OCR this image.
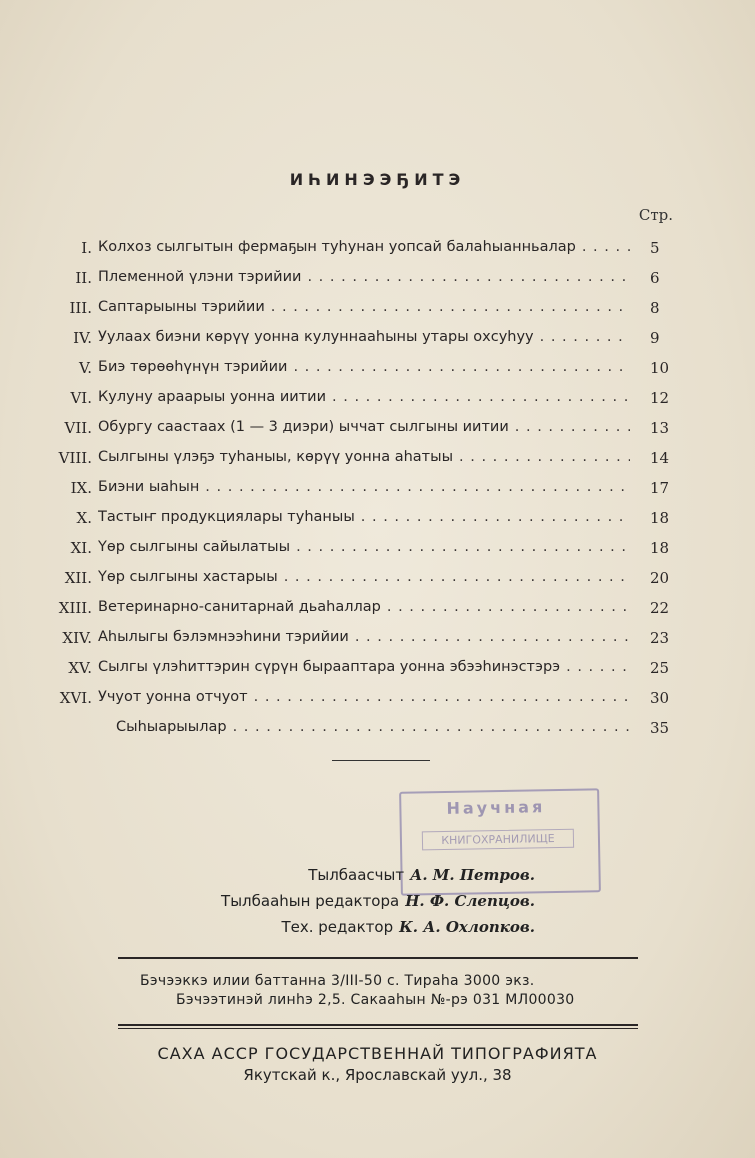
ИҺИНЭЭҔИТЭ
Стр.
I. Колхоз сылгытын фермаҕын туһунан уопсай балаһыанньалар . . .	5
II. Племенной үлэни тэрийии . . .	6
III. Саптарыыны тэрийии . . .	8
IV. Уулаах биэни көрүү уонна кулуннааһыны утары охсуһуу . . .	9
V. Биэ төрөөһүнүн тэрийии . . .	10
VI. Кулуну араарыы уонна иитии . . .	12
VII. Обургу саастаах (1 — 3 диэри) ыччат сылгыны иитии . . .	13
VIII. Сылгыны үлэҕэ туһаныы, көрүү уонна аһатыы . . .	14
IX. Биэни ыаһын . . .	17
X. Тастыҥ продукциялары туһаныы . . .	18
XI. Үөр сылгыны сайылатыы . . .	18
XII. Үөр сылгыны хастарыы . . .	20
XIII. Ветеринарно-санитарнай дьаһаллар . . .	22
XIV. Аһылыгы бэлэмнээһини тэрийии . . .	23
XV. Сылгы үлэһиттэрин сүрүн бырааптара уонна эбээһинэстэрэ . . .	25
XVI. Учуот уонна отчуот . . .	30
Сыһыарыылар . . .	35
Научная
КНИГОХРАНИЛИЩЕ
Тылбаасчыт А. М. Петров.
Тылбааһын редактора Н. Ф. Слепцов.
Тех. редактор К. А. Охлопков.
Бэчээккэ илии баттанна 3/III-50 с. Тираһа 3000 экз.
Бэчээтинэй линһэ 2,5. Сакааһын №-рэ 031 МЛ00030
САХА АССР ГОСУДАРСТВЕННАЙ ТИПОГРАФИЯТА
Якутскай к., Ярославскай уул., 38
